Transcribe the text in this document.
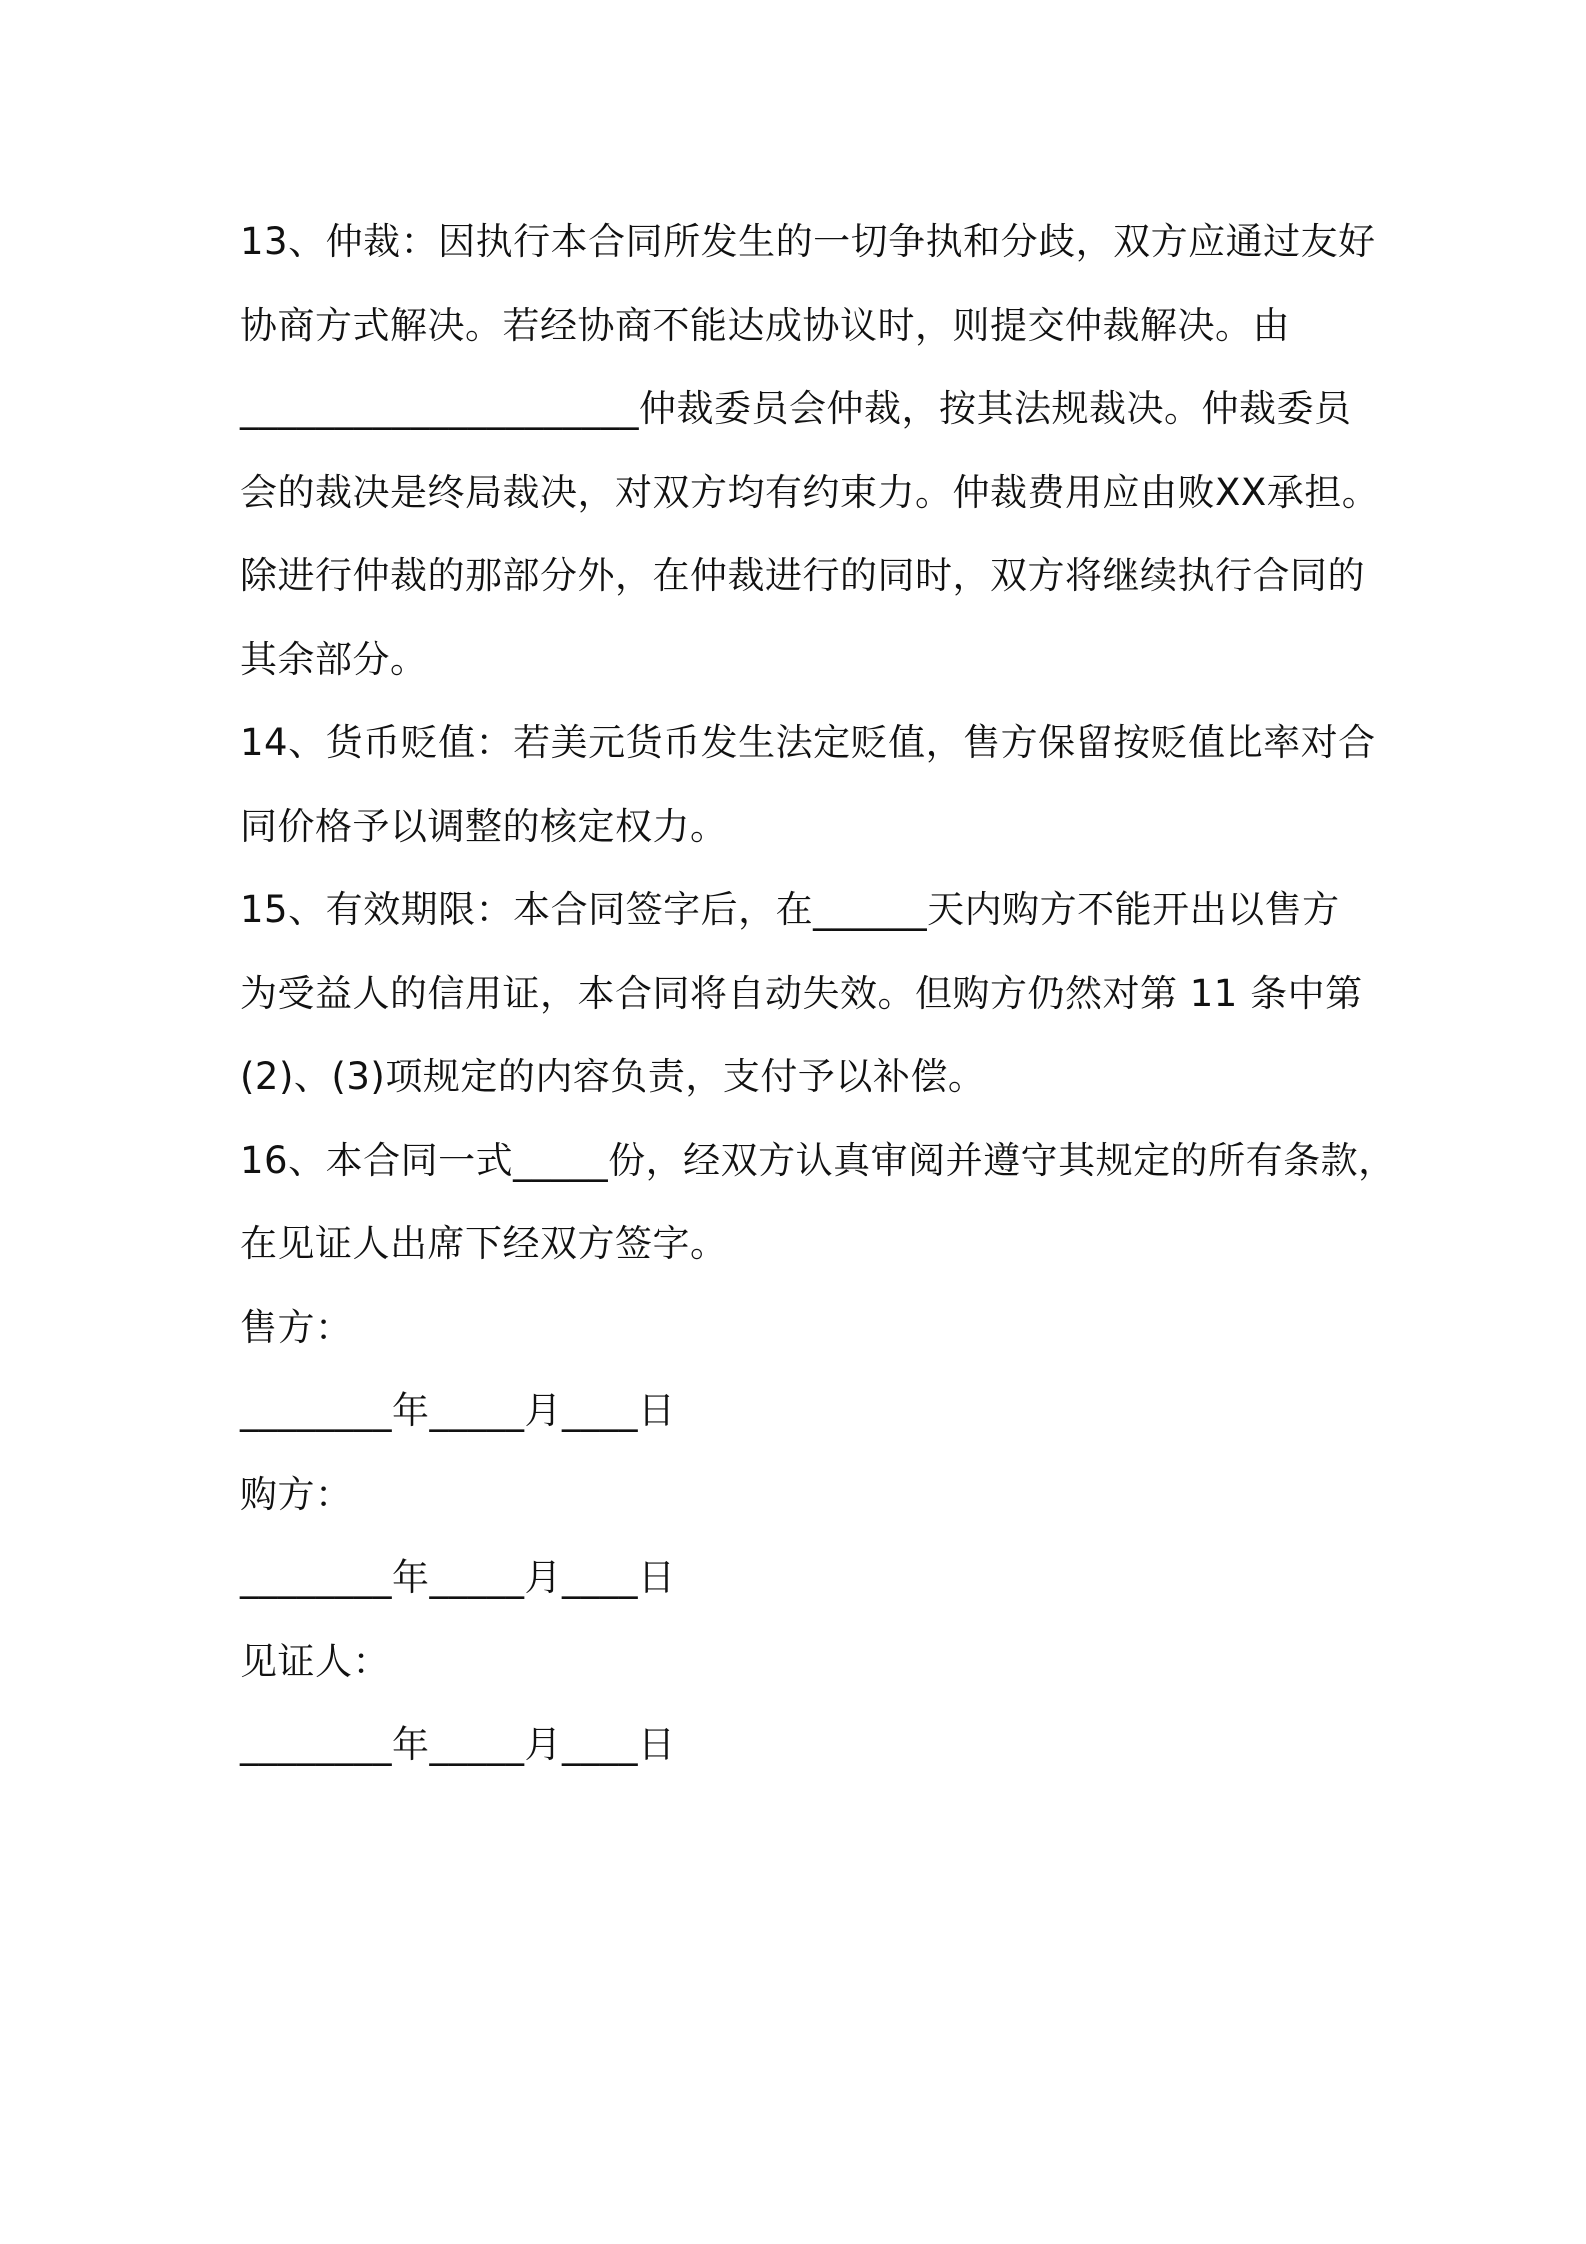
13、仲裁：因执行本合同所发生的一切争执和分歧，双方应通过友好
协商方式解决。若经协商不能达成协议时，则提交仲裁解决。由
_____________________仲裁委员会仲裁，按其法规裁决。仲裁委员
会的裁决是终局裁决，对双方均有约束力。仲裁费用应由败XX承担。
除进行仲裁的那部分外，在仲裁进行的同时，双方将继续执行合同的
其余部分。
14、货币贬值：若美元货币发生法定贬值，售方保留按贬值比率对合
同价格予以调整的核定权力。
15、有效期限：本合同签字后，在______天内购方不能开出以售方
为受益人的信用证，本合同将自动失效。但购方仍然对第 11 条中第
(2)、(3)项规定的内容负责，支付予以补偿。
16、本合同一式_____份，经双方认真审阅并遵守其规定的所有条款，
在见证人出席下经双方签字。
售方：
________年_____月____日
购方：
________年_____月____日
见证人：
________年_____月____日
